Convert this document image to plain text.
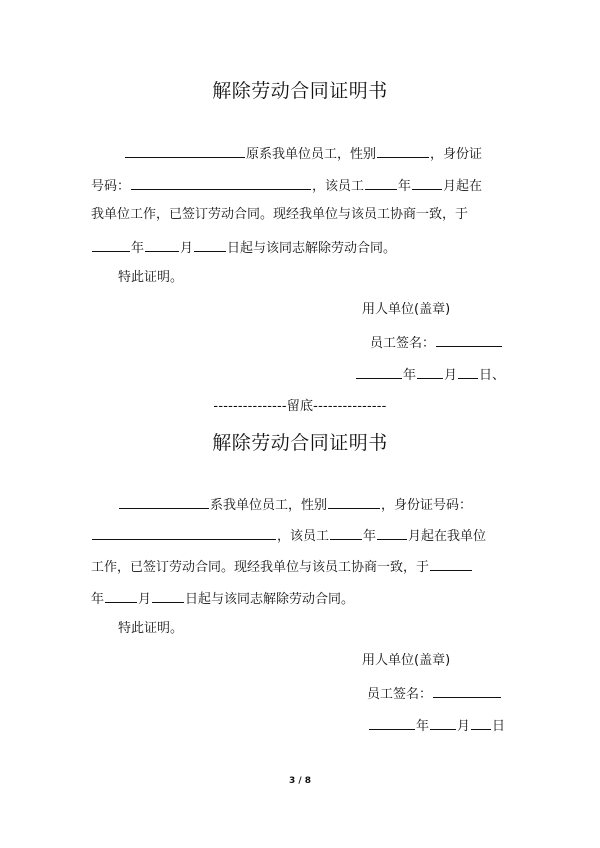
解除劳动合同证明书
原系我单位员工，性别	，身份证
号码：	，该员工	年 月起在
我单位工作，已签订劳动合同。现经我单位与该员工协商一致，于
年	月	日起与该同志解除劳动合同。
特此证明。
用人单位(盖章)
员工签名：
年 月 日、
---------------留底---------------
解除劳动合同证明书
系我单位员工，性别	，身份证号码：
，该员工	年 月起在我单位
工作，已签订劳动合同。现经我单位与该员工协商一致，于
年	月	日起与该同志解除劳动合同。
特此证明。
用人单位(盖章)
员工签名：
年 月 日
3 / 8
